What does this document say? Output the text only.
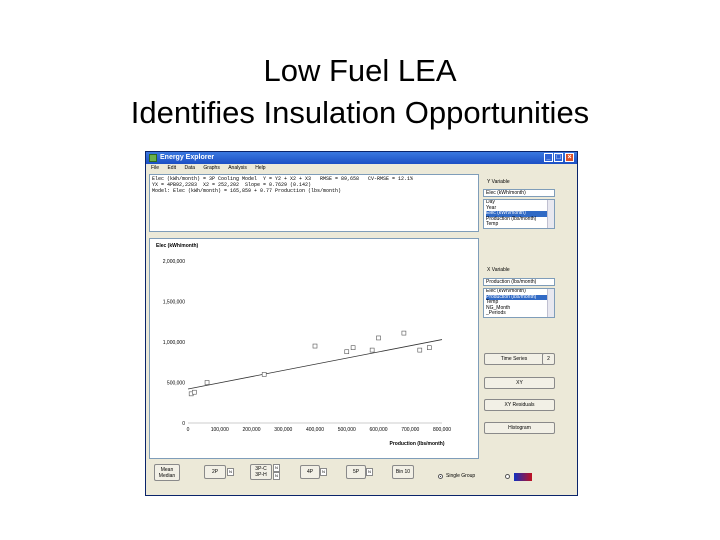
Low Fuel LEA
Identifies Insulation Opportunities
Energy Explorer	_ □ ×
File Edit Data Graphs Analysis Help
Elec (kWh/month) = 3P Cooling Model  Y = Y2 + X2 + X3   RMSE = 89,658   CV-RMSE = 12.1%
YX = 4PB92,2283  X2 = 252,202  Slope = 0.7629 (0.142)
Model: Elec (kWh/month) = 165,859 + 0.77 Production (lbs/month)
Elec (kWh/month)
Production (lbs/month)
0
500,000
1,000,000
1,500,000
2,000,000
0	100,000	200,000	300,000	400,000	500,000	600,000	700,000	800,000
Y Variable
Elec (kWh/month)
Day
Year
Elec (kWh/month)
Production (lbs/month)
Temp
X Variable
Production (lbs/month)
Elec (kWh/month)
Production (lbs/month)
Temp
NG_Month
_Periods
Time Series	2
XY
XY Residuals
Histogram
Mean
Median
2P	N	3P-C
3P-H
N
N
4P	N	5P	N	Bin 10
Single Group
